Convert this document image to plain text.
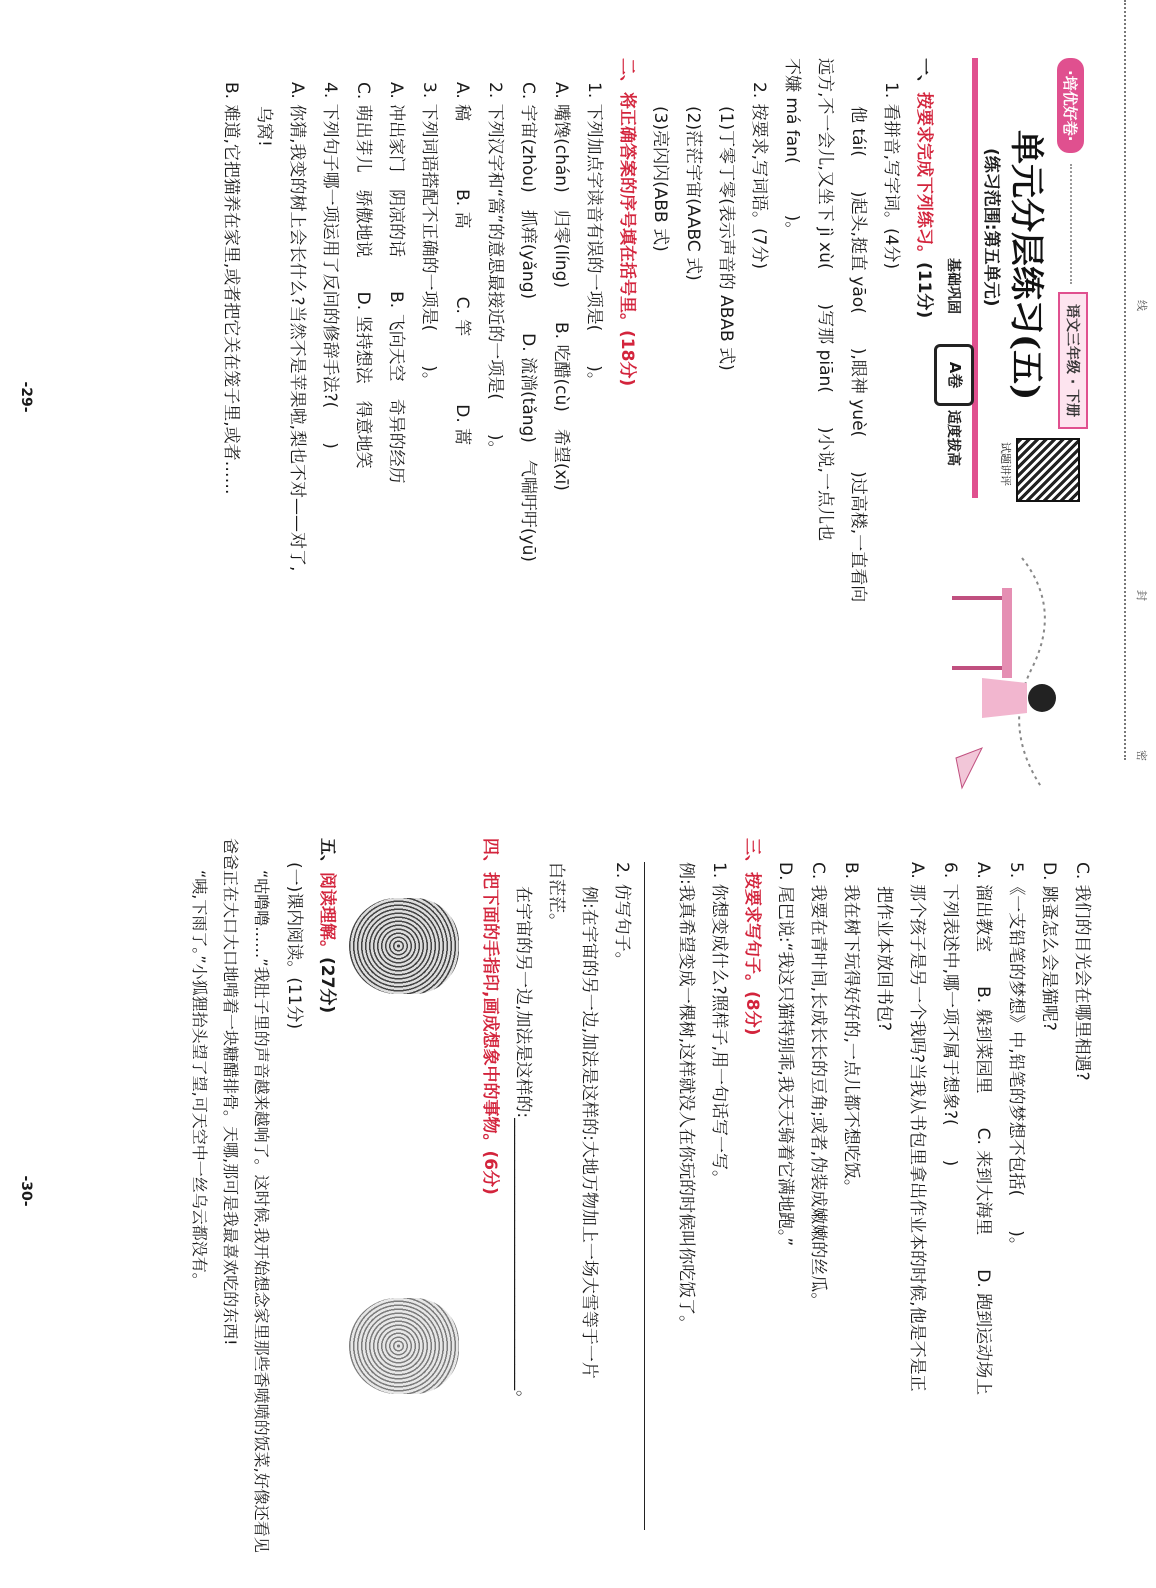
线
封
密
·培优好卷·
语文三年级 · 下册
单元分层练习(五)
(练习范围:第五单元)
试题讲评
基础巩固
A卷
适度拔高
一、按要求完成下列练习。(11分)
1. 看拼音,写字词。(4分)
他 tái(　　)起头,挺直 yāo(　　),眼神 yuè(　　)过高楼,一直看向
远方,不一会儿,又坐下 jì xù(　　)写那 piān(　　)小说,一点儿也
不嫌 má fan(　　　)。
2. 按要求,写词语。(7分)
(1)丁零丁零(表示声音的 ABAB 式)
(2)茫茫宇宙(AABC 式)
(3)亮闪闪(ABB 式)
二、将正确答案的序号填在括号里。(18分)
1. 下列加点字读音有误的一项是(　　)。
A. 嘴馋(chán)　归零(líng)　　B. 吃醋(cù)　希望(xī)
C. 宇宙(zhòu)　抓痒(yǎng)　　D. 流淌(tǎng)　气喘吁吁(yū)
2. 下列汉字和“篙”的意思最接近的一项是(　　)。
A. 稿　　　　B. 高　　　　C. 竿　　　　D. 蒿
3. 下列词语搭配不正确的一项是(　　)。
A. 冲出家门　阴凉的话　　B. 飞向天空　奇异的经历
C. 萌出芽儿　骄傲地说　　D. 坚持想法　得意地笑
4. 下列句子哪一项运用了反问的修辞手法?(　　)
A. 你猜,我变的树上会长什么?当然不是苹果啦,梨也不对——对了,
乌窝!
B. 难道,它把猫养在家里,或者把它关在笼子里,或者……
-29-
C. 我们的目光会在哪里相遇?
D. 跳蚤怎么会是猫呢?
5.《一支铅笔的梦想》中,铅笔的梦想不包括(　　)。
A. 溜出教室　　B. 躲到菜园里　　C. 来到大海里　　D. 跑到运动场上
6. 下列表述中,哪一项不属于想象?(　　)
A. 那个孩子是另一个我吗?当我从书包里拿出作业本的时候,他是不是正
把作业本放回书包?
B. 我在树下玩得好好的,一点儿都不想吃饭。
C. 我要在青叶间,长成长长的豆角;或者,伪装成嫩嫩的丝瓜。
D. 尾巴说:“我这只猫特别乖,我天天骑着它满地跑。”
三、按要求写句子。(8分)
1. 你想变成什么?照样子,用一句话写一写。
例:我真希望变成一棵树,这样就没人在你玩的时候叫你吃饭了。
2. 仿写句子。
例:在宇宙的另一边,加法是这样的:大地万物加上一场大雪等于一片
白茫茫。
在宇宙的另一边,加法是这样的:________________________________。
四、把下面的手指印,画成想象中的事物。(6分)
五、阅读理解。(27分)
(一)课内阅读。(11分)

“咕噜噜……”我肚子里的声音越来越响了。这时候,我开始想念家里那些香喷喷的饭菜,好像还看见爸爸正在大口大口地啃着一块糖醋排骨。天哪,那可是我最喜欢吃的东西!

“咦,下雨了。”小狐狸抬头望了望,可天空中一丝乌云都没有。

-30-
